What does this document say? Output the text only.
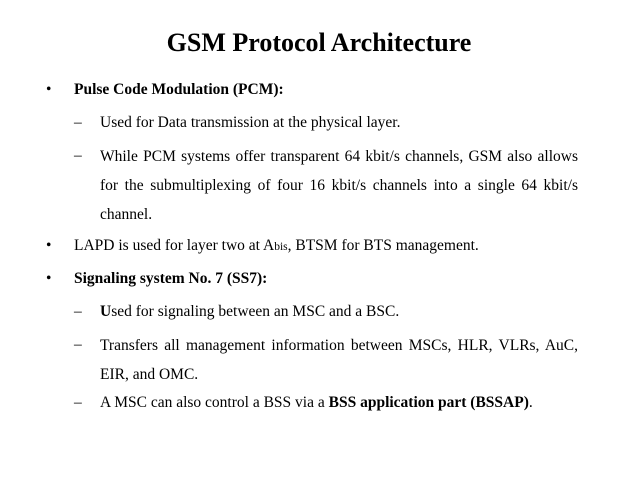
GSM Protocol Architecture
• Pulse Code Modulation (PCM):
– Used for Data transmission at the physical layer.
– While PCM systems offer transparent 64 kbit/s channels, GSM also allows for the submultiplexing of four 16 kbit/s channels into a single 64 kbit/s channel.
• LAPD is used for layer two at Abis, BTSM for BTS management.
• Signaling system No. 7 (SS7):
– Used for signaling between an MSC and a BSC.
– Transfers all management information between MSCs, HLR, VLRs, AuC, EIR, and OMC.
– A MSC can also control a BSS via a BSS application part (BSSAP).
